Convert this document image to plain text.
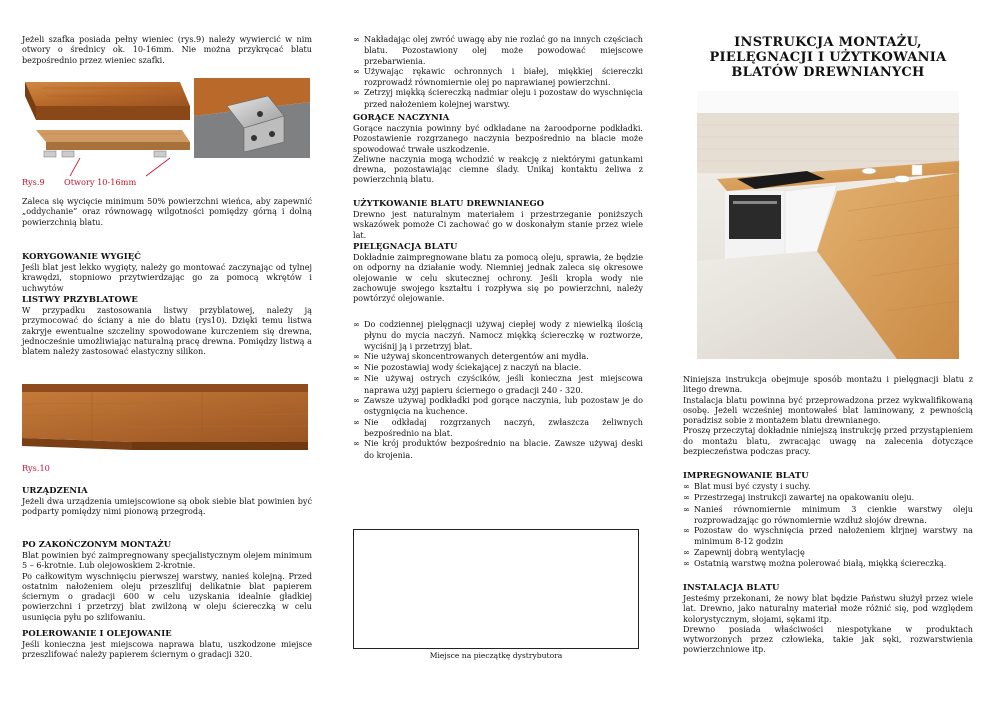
Jeżeli szafka posiada pełny wieniec (rys.9) należy wywiercić w nim otwory o średnicy ok. 10-16mm. Nie można przykręcać blatu bezpośrednio przez wieniec szafki.

Rys.9 Otwory 10-16mm

Zaleca się wycięcie minimum 50% powierzchni wieńca, aby zapewnić „oddychanie” oraz równowagę wilgotności pomiędzy górną i dolną powierzchnią blatu.

KORYGOWANIE WYGIĘĆ

Jeśli blat jest lekko wygięty, należy go montować zaczynając od tylnej krawędzi, stopniowo przytwierdzając go za pomocą wkrętów i uchwytów

LISTWY PRZYBLATOWE

W przypadku zastosowania listwy przyblatowej, należy ją przymocować do ściany a nie do blatu (rys10). Dzięki temu listwa zakryje ewentualne szczeliny spowodowane kurczeniem się drewna, jednocześnie umożliwiając naturalną pracę drewna. Pomiędzy listwą a blatem należy zastosować elastyczny silikon.

Rys.10
URZĄDZENIA

Jeżeli dwa urządzenia umiejscowione są obok siebie blat powinien być podparty pomiędzy nimi pionową przegrodą.

PO ZAKOŃCZONYM MONTAŻU

Blat powinien być zaimpregnowany specjalistycznym olejem minimum 5 – 6-krotnie. Lub olejowoskiem 2-krotnie.
Po całkowitym wyschnięciu pierwszej warstwy, nanieś kolejną. Przed ostatnim nałożeniem oleju przeszlifuj delikatnie blat papierem ściernym o gradacji 600 w celu uzyskania idealnie gładkiej powierzchni i przetrzyj blat zwilżoną w oleju ściereczką w celu usunięcia pyłu po szlifowaniu.

POLEROWANIE I OLEJOWANIE

Jeśli konieczna jest miejscowa naprawa blatu, uszkodzone miejsce przeszlifować należy papierem ściernym o gradacji 320.

∞ Nakładając olej zwróć uwagę aby nie rozlać go na innych częściach blatu. Pozostawiony olej może powodować miejscowe przebarwienia.
∞ Używając rękawic ochronnych i białej, miękkiej ściereczki rozprowadź równomiernie olej po naprawianej powierzchni.
∞ Zetrzyj miękką ściereczką nadmiar oleju i pozostaw do wyschnięcia przed nałożeniem kolejnej warstwy.
GORĄCE NACZYNIA

Gorące naczynia powinny być odkładane na żaroodporne podkładki. Pozostawienie rozgrzanego naczynia bezpośrednio na blacie może spowodować trwałe uszkodzenie.
Żeliwne naczynia mogą wchodzić w reakcję z niektórymi gatunkami drewna, pozostawiając ciemne ślady. Unikaj kontaktu żeliwa z powierzchnią blatu.

UŻYTKOWANIE BLATU DREWNIANEGO

Drewno jest naturalnym materiałem i przestrzeganie poniższych wskazówek pomoże Ci zachować go w doskonałym stanie przez wiele lat.

PIELĘGNACJA BLATU

Dokładnie zaimpregnowane blatu za pomocą oleju, sprawia, że będzie on odporny na działanie wody. Niemniej jednak zaleca się okresowe olejowanie w celu skutecznej ochrony. Jeśli kropla wody nie zachowuje swojego kształtu i rozpływa się po powierzchni, należy powtórzyć olejowanie.

∞ Do codziennej pielęgnacji używaj ciepłej wody z niewielką ilością płynu do mycia naczyń. Namocz miękką ściereczkę w roztworze, wyciśnij ją i przetrzyj blat.
∞ Nie używaj skoncentrowanych detergentów ani mydła.
∞ Nie pozostawiaj wody ściekającej z naczyń na blacie.
∞ Nie używaj ostrych czyścików, jeśli konieczna jest miejscowa naprawa użyj papieru ściernego o gradacji 240 - 320.
∞ Zawsze używaj podkładki pod gorące naczynia, lub pozostaw je do ostygnięcia na kuchence.
∞ Nie odkładaj rozgrzanych naczyń, zwłaszcza żeliwnych bezpośrednio na blat.
∞ Nie krój produktów bezpośrednio na blacie. Zawsze używaj deski do krojenia.
Miejsce na pieczątkę dystrybutora
INSTRUKCJA MONTAŻU, PIELĘGNACJI I UŻYTKOWANIA BLATÓW DREWNIANYCH

Niniejsza instrukcja obejmuje sposób montażu i pielęgnacji blatu z litego drewna.
Instalacja blatu powinna być przeprowadzona przez wykwalifikowaną osobę. Jeżeli wcześniej montowałeś blat laminowany, z pewnością poradzisz sobie z montażem blatu drewnianego.
Proszę przeczytaj dokładnie niniejszą instrukcję przed przystąpieniem do montażu blatu, zwracając uwagę na zalecenia dotyczące bezpieczeństwa podczas pracy.

IMPREGNOWANIE BLATU
∞ Blat musi być czysty i suchy.
∞ Przestrzegaj instrukcji zawartej na opakowaniu oleju.
∞ Nanieś równomiernie minimum 3 cienkie warstwy oleju rozprowadzając go równomiernie wzdłuż słojów drewna.
∞ Pozostaw do wyschnięcia przed nałożeniem klrjnej warstwy na minimum 8-12 godzin
∞ Zapewnij dobrą wentylację
∞ Ostatnią warstwę można polerować białą, miękką ściereczką.
INSTALACJA BLATU

Jesteśmy przekonani, że nowy blat będzie Państwu służył przez wiele lat. Drewno, jako naturalny materiał może różnić się, pod względem kolorystycznym, słojami, sękami itp.
Drewno posiada właściwości niespotykane w produktach wytworzonych przez człowieka, takie jak sęki, rozwarstwienia powierzchniowe itp.
